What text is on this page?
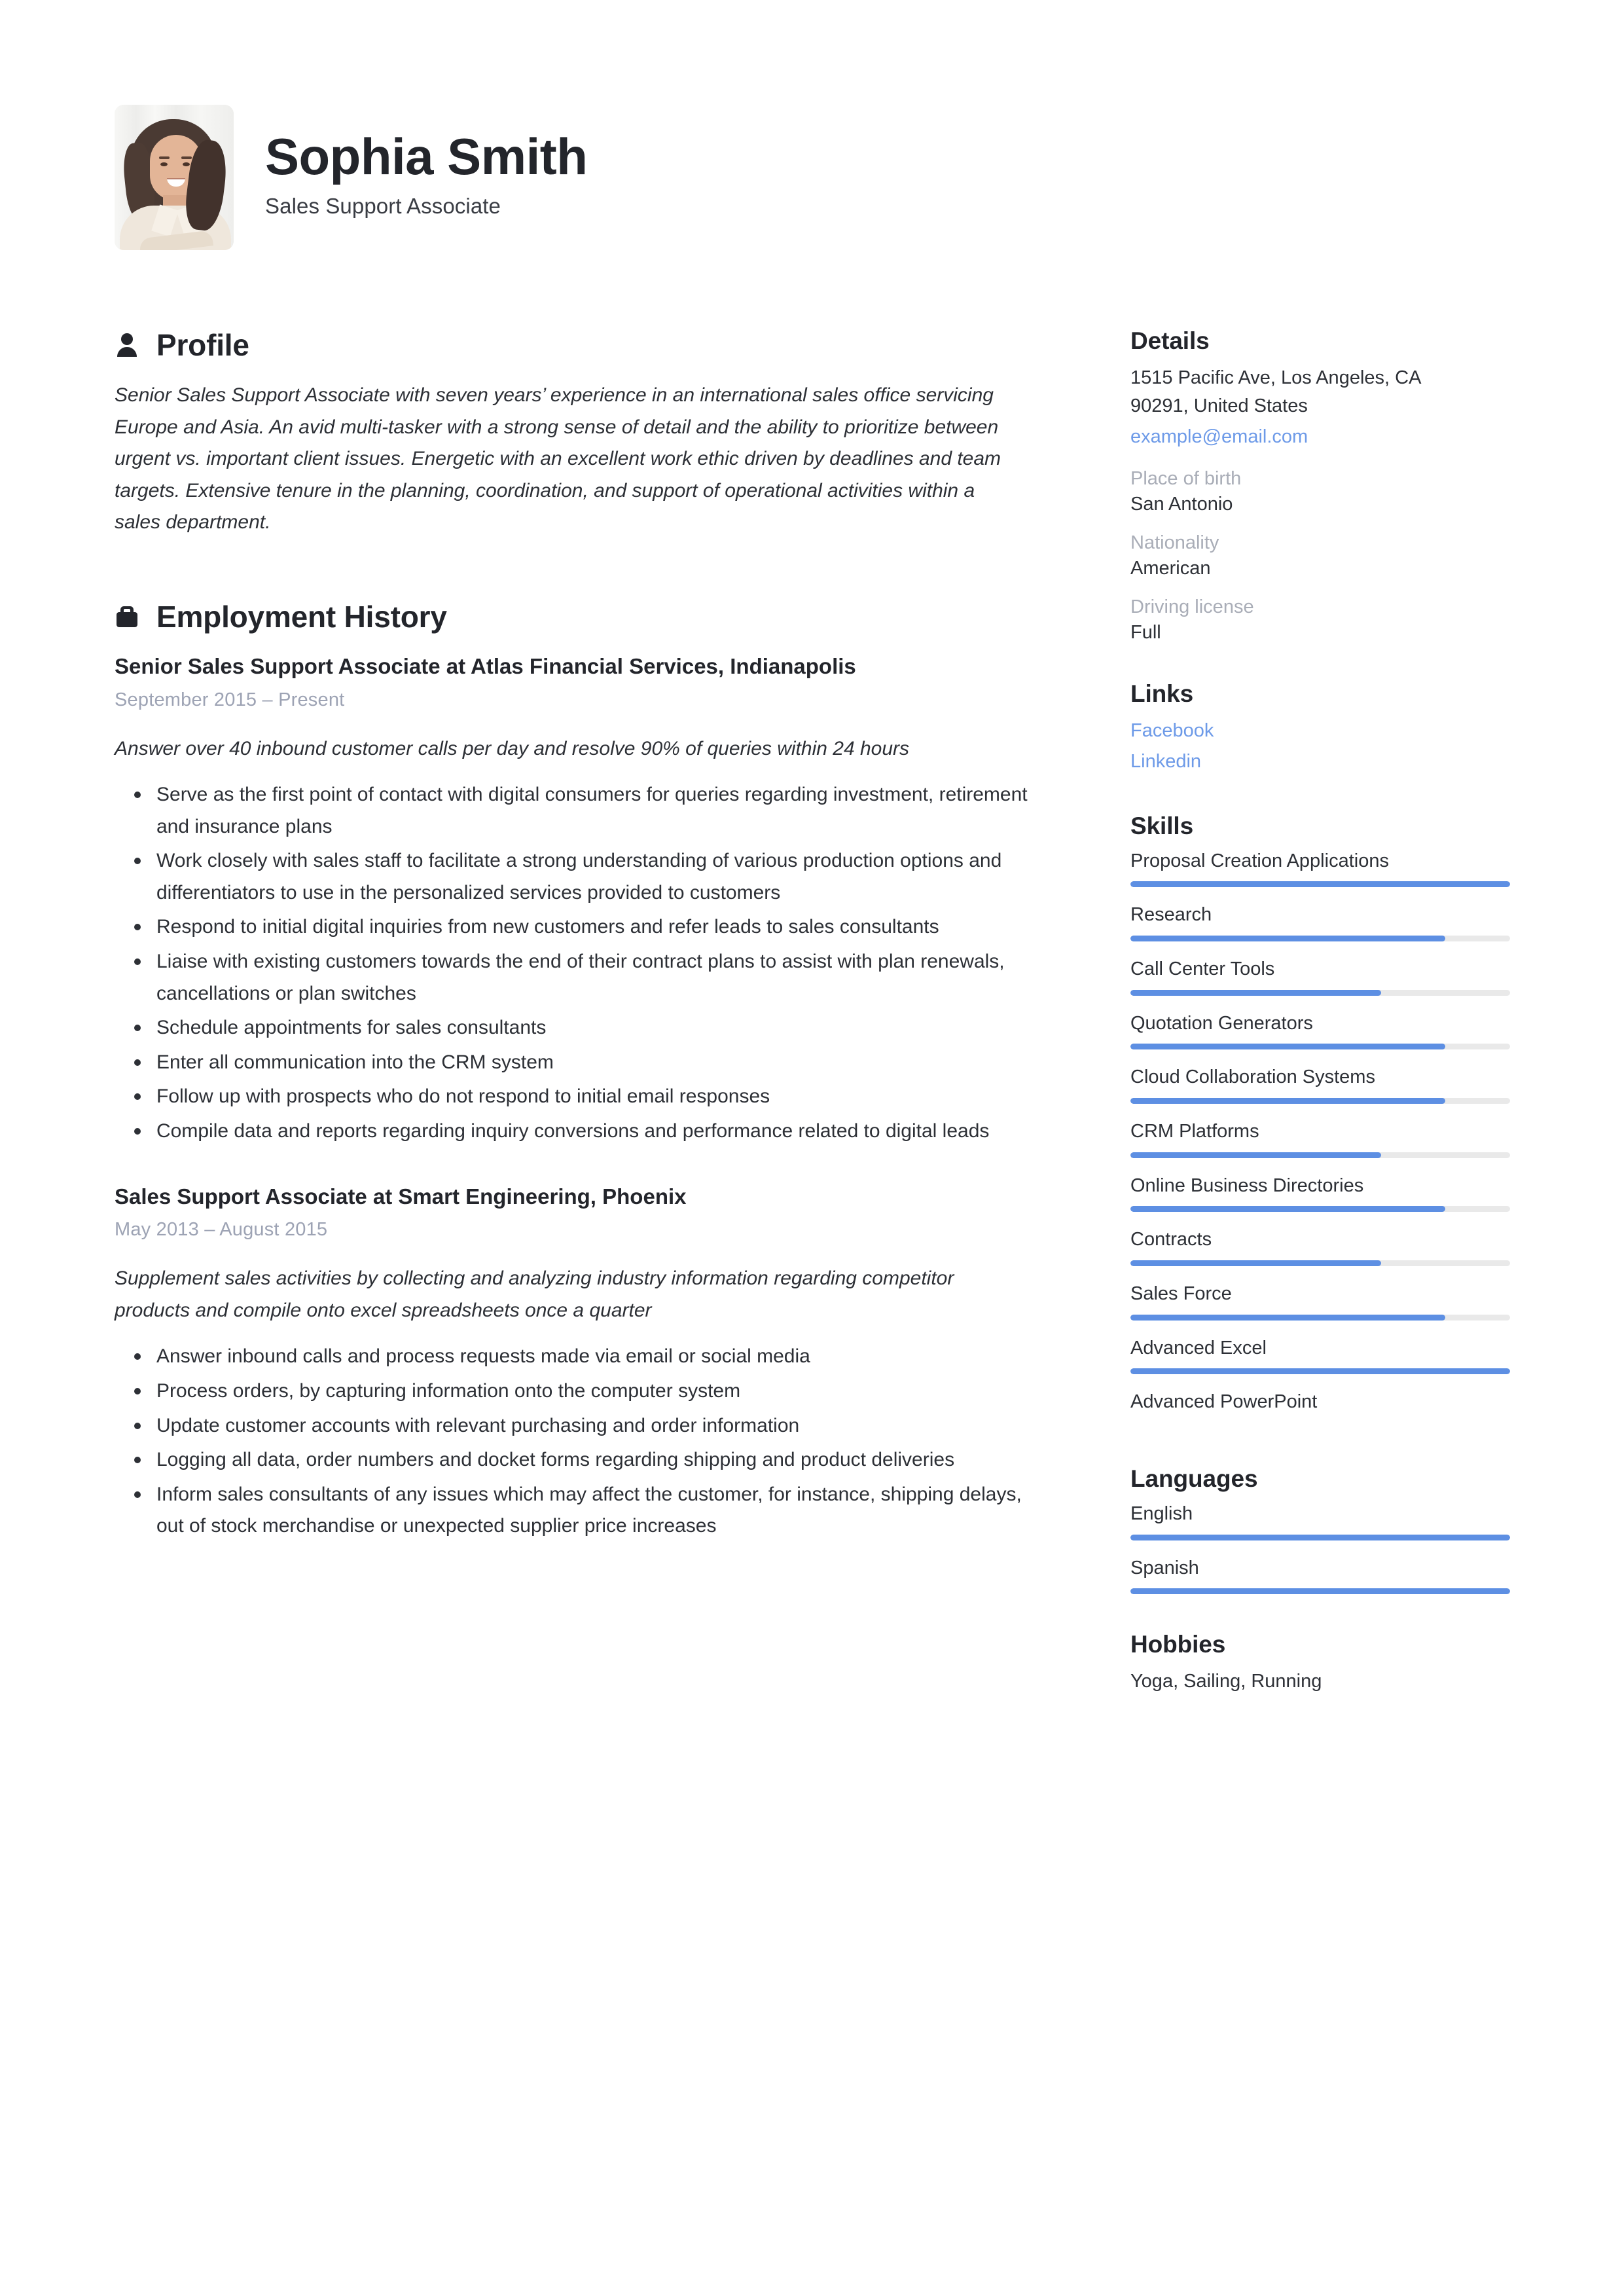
Sophia Smith

Sales Support Associate

Profile

Senior Sales Support Associate with seven years’ experience in an international sales office servicing Europe and Asia. An avid multi-tasker with a strong sense of detail and the ability to prioritize between urgent vs. important client issues. Energetic with an excellent work ethic driven by deadlines and team targets. Extensive tenure in the planning, coordination, and support of operational activities within a sales department.

Employment History
Senior Sales Support Associate at Atlas Financial Services, Indianapolis
September 2015 – Present
Answer over 40 inbound customer calls per day and resolve 90% of queries within 24 hours
Serve as the first point of contact with digital consumers for queries regarding investment, retirement and insurance plans
Work closely with sales staff to facilitate a strong understanding of various production options and differentiators to use in the personalized services provided to customers
Respond to initial digital inquiries from new customers and refer leads to sales consultants
Liaise with existing customers towards the end of their contract plans to assist with plan renewals, cancellations or plan switches
Schedule appointments for sales consultants
Enter all communication into the CRM system
Follow up with prospects who do not respond to initial email responses
Compile data and reports regarding inquiry conversions and performance related to digital leads
Sales Support Associate at Smart Engineering, Phoenix
May 2013 – August 2015
Supplement sales activities by collecting and analyzing industry information regarding competitor products and compile onto excel spreadsheets once a quarter
Answer inbound calls and process requests made via email or social media
Process orders, by capturing information onto the computer system
Update customer accounts with relevant purchasing and order information
Logging all data, order numbers and docket forms regarding shipping and product deliveries
Inform sales consultants of any issues which may affect the customer, for instance, shipping delays, out of stock merchandise or unexpected supplier price increases
Details

1515 Pacific Ave, Los Angeles, CA

90291, United States

example@email.com

Place of birth

San Antonio

Nationality

American

Driving license

Full

Links
Facebook
Linkedin
Skills
Proposal Creation Applications
Research
Call Center Tools
Quotation Generators
Cloud Collaboration Systems
CRM Platforms
Online Business Directories
Contracts
Sales Force
Advanced Excel
Advanced PowerPoint
Languages
English
Spanish
Hobbies

Yoga, Sailing, Running
